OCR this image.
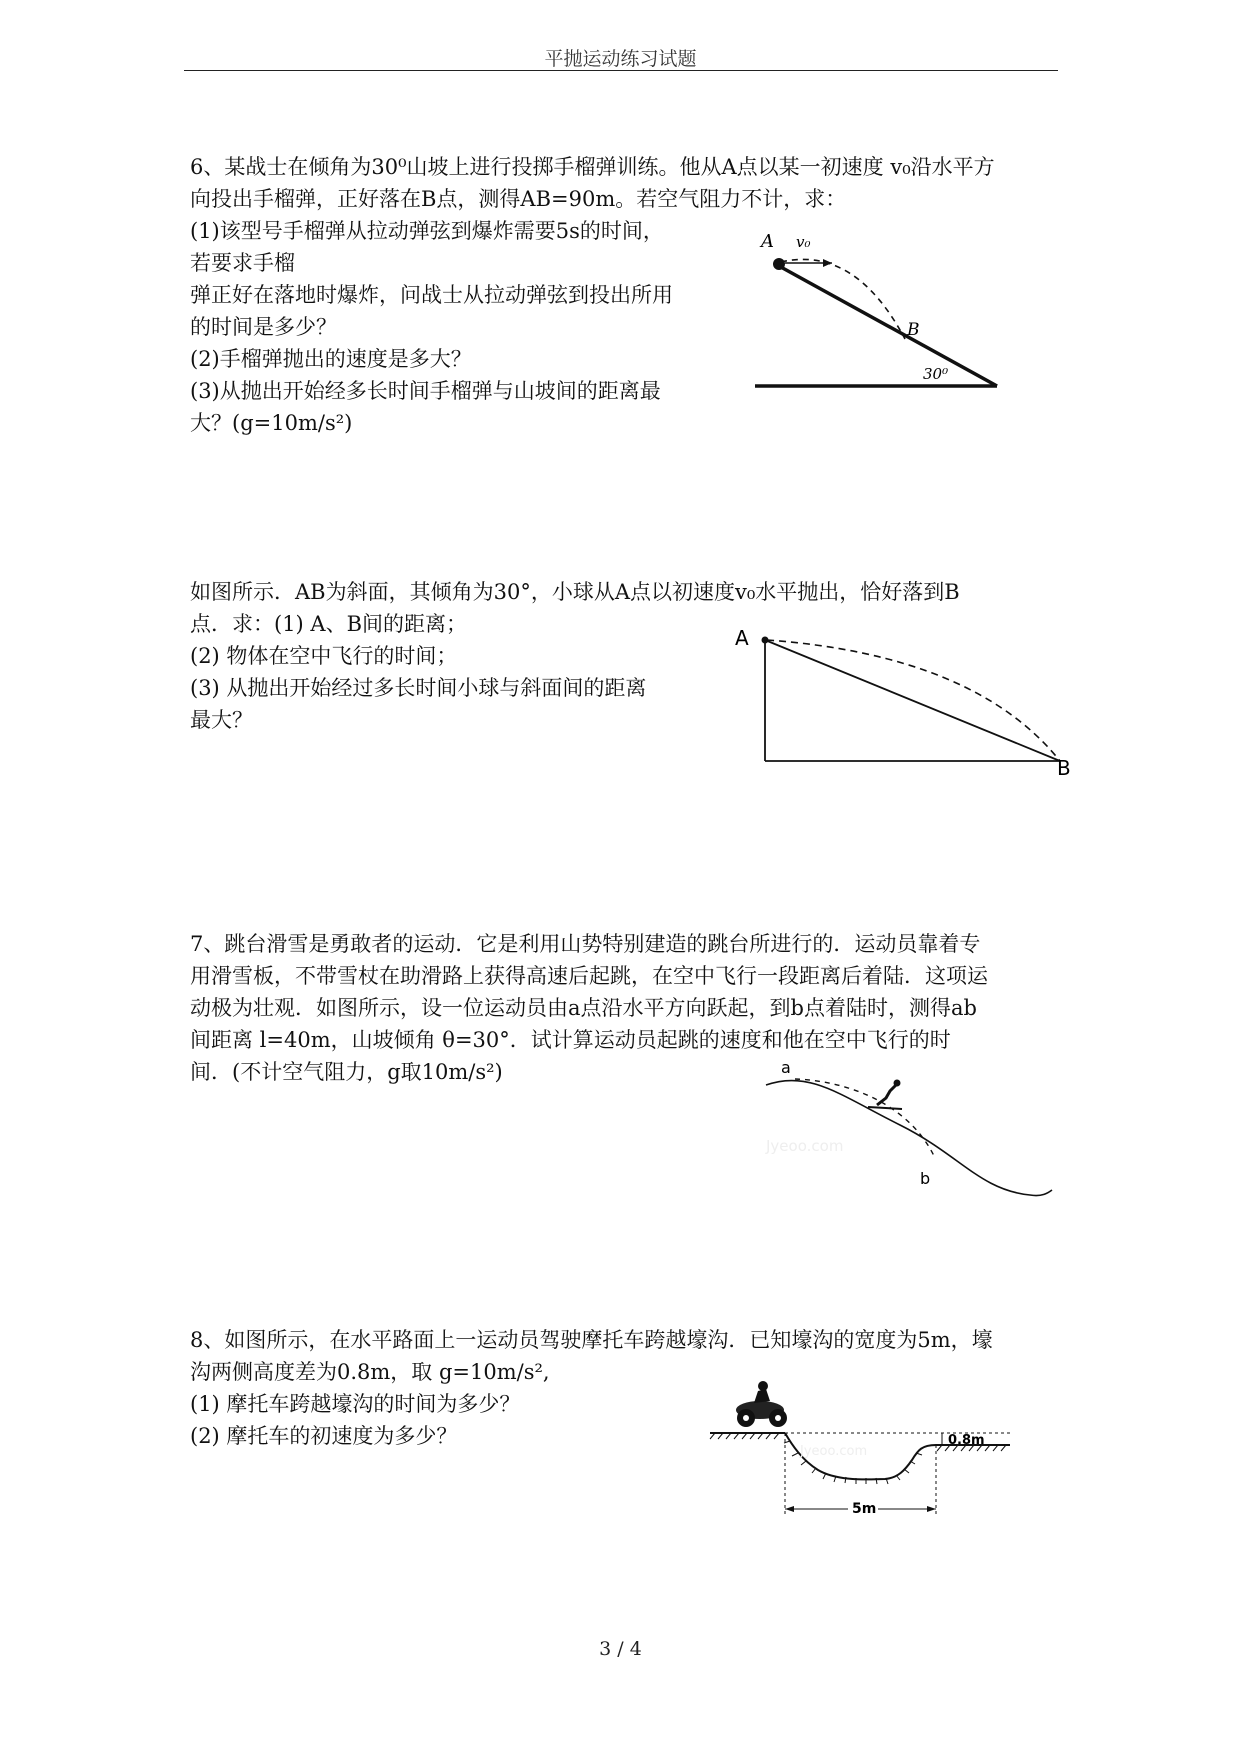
平抛运动练习试题
6、某战士在倾角为30⁰山坡上进行投掷手榴弹训练。他从A点以某一初速度 v₀沿水平方
向投出手榴弹，正好落在B点，测得AB=90m。若空气阻力不计，求：
(1)该型号手榴弹从拉动弹弦到爆炸需要5s的时间，
若要求手榴
弹正好在落地时爆炸，问战士从拉动弹弦到投出所用
的时间是多少？
(2)手榴弹抛出的速度是多大？
(3)从抛出开始经多长时间手榴弹与山坡间的距离最
大？(g=10m/s²)
A v₀
B
30⁰
如图所示．AB为斜面，其倾角为30°，小球从A点以初速度v₀水平抛出，恰好落到B
点．求：(1) A、B间的距离；
(2) 物体在空中飞行的时间；
(3) 从抛出开始经过多长时间小球与斜面间的距离
最大？
A
B
7、跳台滑雪是勇敢者的运动．它是利用山势特别建造的跳台所进行的．运动员靠着专
用滑雪板，不带雪杖在助滑路上获得高速后起跳，在空中飞行一段距离后着陆．这项运
动极为壮观．如图所示，设一位运动员由a点沿水平方向跃起，到b点着陆时，测得ab
间距离 l=40m，山坡倾角 θ=30°．试计算运动员起跳的速度和他在空中飞行的时
间．(不计空气阻力，g取10m/s²)	a
b
Jyeoo.com
8、如图所示，在水平路面上一运动员驾驶摩托车跨越壕沟．已知壕沟的宽度为5m，壕
沟两侧高度差为0.8m，取 g=10m/s²,
(1) 摩托车跨越壕沟的时间为多少？
(2) 摩托车的初速度为多少？	0.8m
5m
Jyeoo.com
3 / 4
